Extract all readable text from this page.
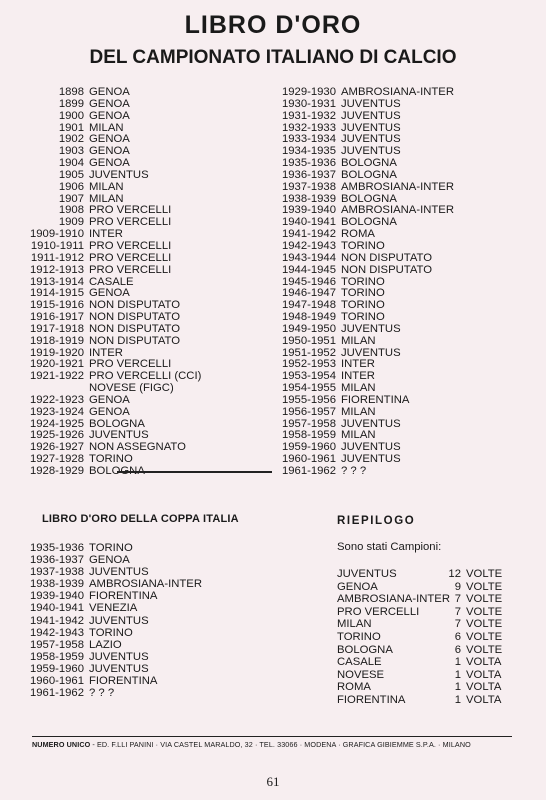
LIBRO D'ORO
DEL CAMPIONATO ITALIANO DI CALCIO
1898 GENOA
1899 GENOA
1900 GENOA
1901 MILAN
1902 GENOA
1903 GENOA
1904 GENOA
1905 JUVENTUS
1906 MILAN
1907 MILAN
1908 PRO VERCELLI
1909 PRO VERCELLI
1909-1910 INTER
1910-1911 PRO VERCELLI
1911-1912 PRO VERCELLI
1912-1913 PRO VERCELLI
1913-1914 CASALE
1914-1915 GENOA
1915-1916 NON DISPUTATO
1916-1917 NON DISPUTATO
1917-1918 NON DISPUTATO
1918-1919 NON DISPUTATO
1919-1920 INTER
1920-1921 PRO VERCELLI
1921-1922 PRO VERCELLI (CCI)
NOVESE (FIGC)
1922-1923 GENOA
1923-1924 GENOA
1924-1925 BOLOGNA
1925-1926 JUVENTUS
1926-1927 NON ASSEGNATO
1927-1928 TORINO
1928-1929 BOLOGNA
1929-1930 AMBROSIANA-INTER
1930-1931 JUVENTUS
1931-1932 JUVENTUS
1932-1933 JUVENTUS
1933-1934 JUVENTUS
1934-1935 JUVENTUS
1935-1936 BOLOGNA
1936-1937 BOLOGNA
1937-1938 AMBROSIANA-INTER
1938-1939 BOLOGNA
1939-1940 AMBROSIANA-INTER
1940-1941 BOLOGNA
1941-1942 ROMA
1942-1943 TORINO
1943-1944 NON DISPUTATO
1944-1945 NON DISPUTATO
1945-1946 TORINO
1946-1947 TORINO
1947-1948 TORINO
1948-1949 TORINO
1949-1950 JUVENTUS
1950-1951 MILAN
1951-1952 JUVENTUS
1952-1953 INTER
1953-1954 INTER
1954-1955 MILAN
1955-1956 FIORENTINA
1956-1957 MILAN
1957-1958 JUVENTUS
1958-1959 MILAN
1959-1960 JUVENTUS
1960-1961 JUVENTUS
1961-1962 ? ? ?
LIBRO D'ORO DELLA COPPA ITALIA
1935-1936 TORINO
1936-1937 GENOA
1937-1938 JUVENTUS
1938-1939 AMBROSIANA-INTER
1939-1940 FIORENTINA
1940-1941 VENEZIA
1941-1942 JUVENTUS
1942-1943 TORINO
1957-1958 LAZIO
1958-1959 JUVENTUS
1959-1960 JUVENTUS
1960-1961 FIORENTINA
1961-1962 ? ? ?
RIEPILOGO
Sono stati Campioni:
JUVENTUS	12 VOLTE
GENOA	9 VOLTE
AMBROSIANA-INTER 7 VOLTE
PRO VERCELLI	7 VOLTE
MILAN	7 VOLTE
TORINO	6 VOLTE
BOLOGNA	6 VOLTE
CASALE	1 VOLTA
NOVESE	1 VOLTA
ROMA	1 VOLTA
FIORENTINA	1 VOLTA
NUMERO UNICO - ED. F.LLI PANINI · VIA CASTEL MARALDO, 32 · TEL. 33066 · MODENA · GRAFICA GIBIEMME S.P.A. · MILANO
61
